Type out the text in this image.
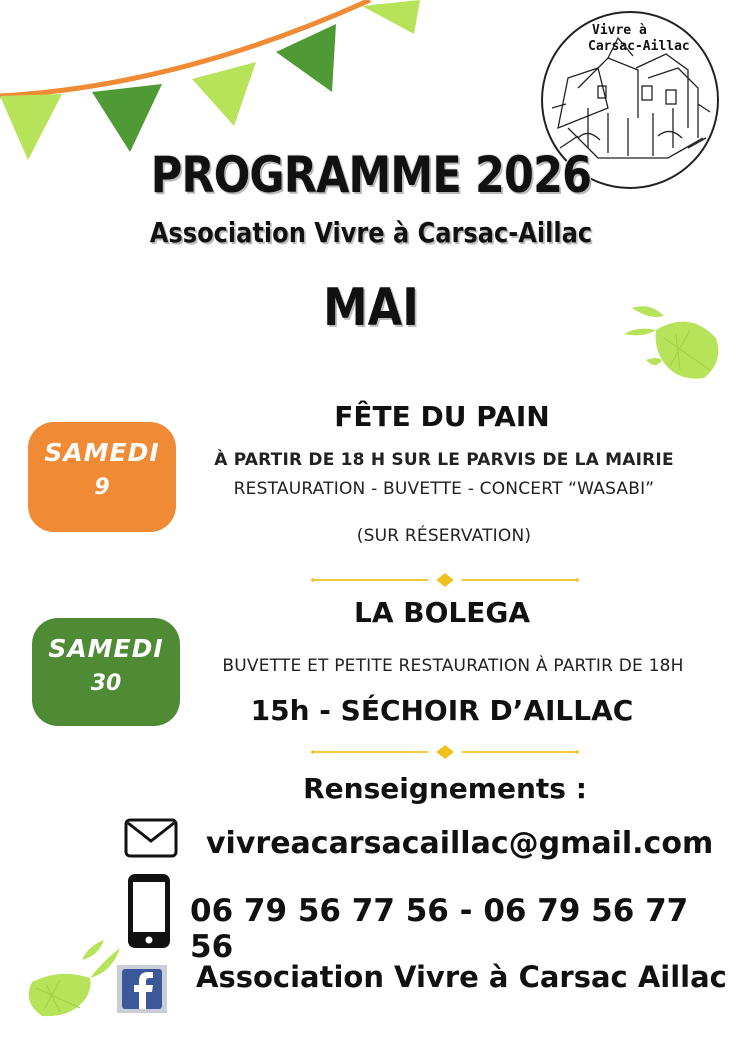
Vivre à
Carsac-Aillac
PROGRAMME 2026
Association Vivre à Carsac-Aillac
MAI
SAMEDI
9
FÊTE DU PAIN
À PARTIR DE 18 H SUR LE PARVIS DE LA MAIRIE
RESTAURATION - BUVETTE - CONCERT “WASABI”
(SUR RÉSERVATION)
SAMEDI
30
LA BOLEGA
BUVETTE ET PETITE RESTAURATION À PARTIR DE 18H
15h - SÉCHOIR D’AILLAC
Renseignements :
vivreacarsacaillac@gmail.com
06 79 56 77 56 - 06 79 56 77 56
Association Vivre à Carsac Aillac
